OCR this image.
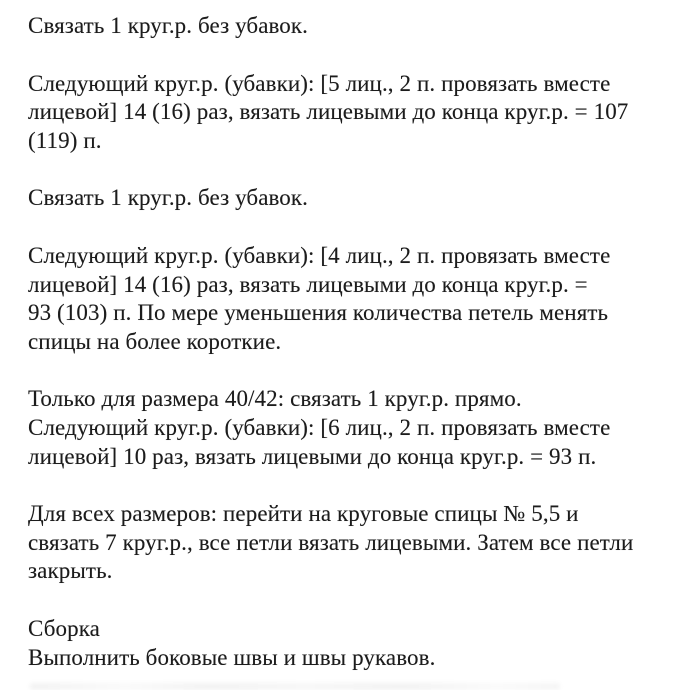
Связать 1 круг.р. без убавок.
Следующий круг.р. (убавки): [5 лиц., 2 п. провязать вместе
лицевой] 14 (16) раз, вязать лицевыми до конца круг.р. = 107
(119) п.
Связать 1 круг.р. без убавок.
Следующий круг.р. (убавки): [4 лиц., 2 п. провязать вместе
лицевой] 14 (16) раз, вязать лицевыми до конца круг.р. =
93 (103) п. По мере уменьшения количества петель менять
спицы на более короткие.
Только для размера 40/42: связать 1 круг.р. прямо.
Следующий круг.р. (убавки): [6 лиц., 2 п. провязать вместе
лицевой] 10 раз, вязать лицевыми до конца круг.р. = 93 п.
Для всех размеров: перейти на круговые спицы № 5,5 и
связать 7 круг.р., все петли вязать лицевыми. Затем все петли
закрыть.
Сборка
Выполнить боковые швы и швы рукавов.
